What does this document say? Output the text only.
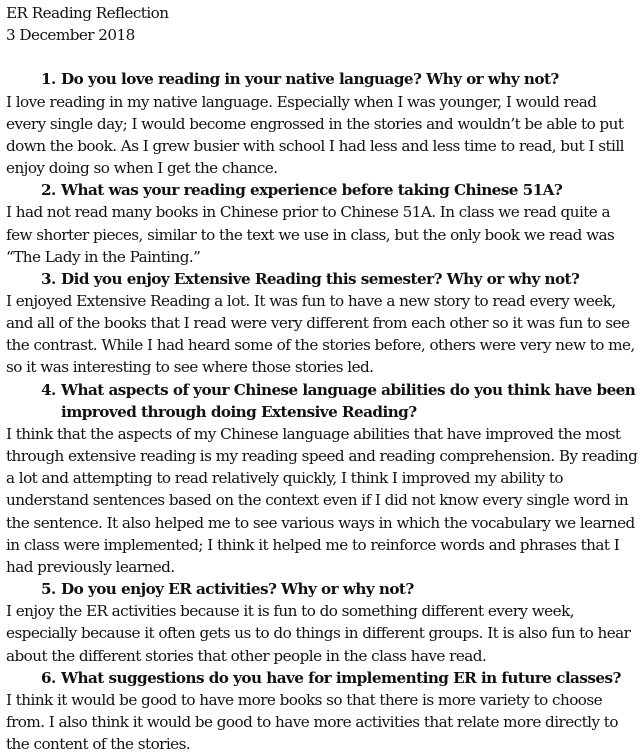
ER Reading Reflection
3 December 2018
1. Do you love reading in your native language? Why or why not?

I love reading in my native language. Especially when I was younger, I would read every single day; I would become engrossed in the stories and wouldn’t be able to put down the book. As I grew busier with school I had less and less time to read, but I still enjoy doing so when I get the chance.

2. What was your reading experience before taking Chinese 51A?

I had not read many books in Chinese prior to Chinese 51A. In class we read quite a few shorter pieces, similar to the text we use in class, but the only book we read was “The Lady in the Painting.”

3. Did you enjoy Extensive Reading this semester? Why or why not?

I enjoyed Extensive Reading a lot. It was fun to have a new story to read every week, and all of the books that I read were very different from each other so it was fun to see the contrast. While I had heard some of the stories before, others were very new to me, so it was interesting to see where those stories led.

4. What aspects of your Chinese language abilities do you think have been improved through doing Extensive Reading?

I think that the aspects of my Chinese language abilities that have improved the most through extensive reading is my reading speed and reading comprehension. By reading a lot and attempting to read relatively quickly, I think I improved my ability to understand sentences based on the context even if I did not know every single word in the sentence. It also helped me to see various ways in which the vocabulary we learned in class were implemented; I think it helped me to reinforce words and phrases that I had previously learned.

5. Do you enjoy ER activities? Why or why not?

I enjoy the ER activities because it is fun to do something different every week, especially because it often gets us to do things in different groups. It is also fun to hear about the different stories that other people in the class have read.

6. What suggestions do you have for implementing ER in future classes?

I think it would be good to have more books so that there is more variety to choose from. I also think it would be good to have more activities that relate more directly to the content of the stories.
